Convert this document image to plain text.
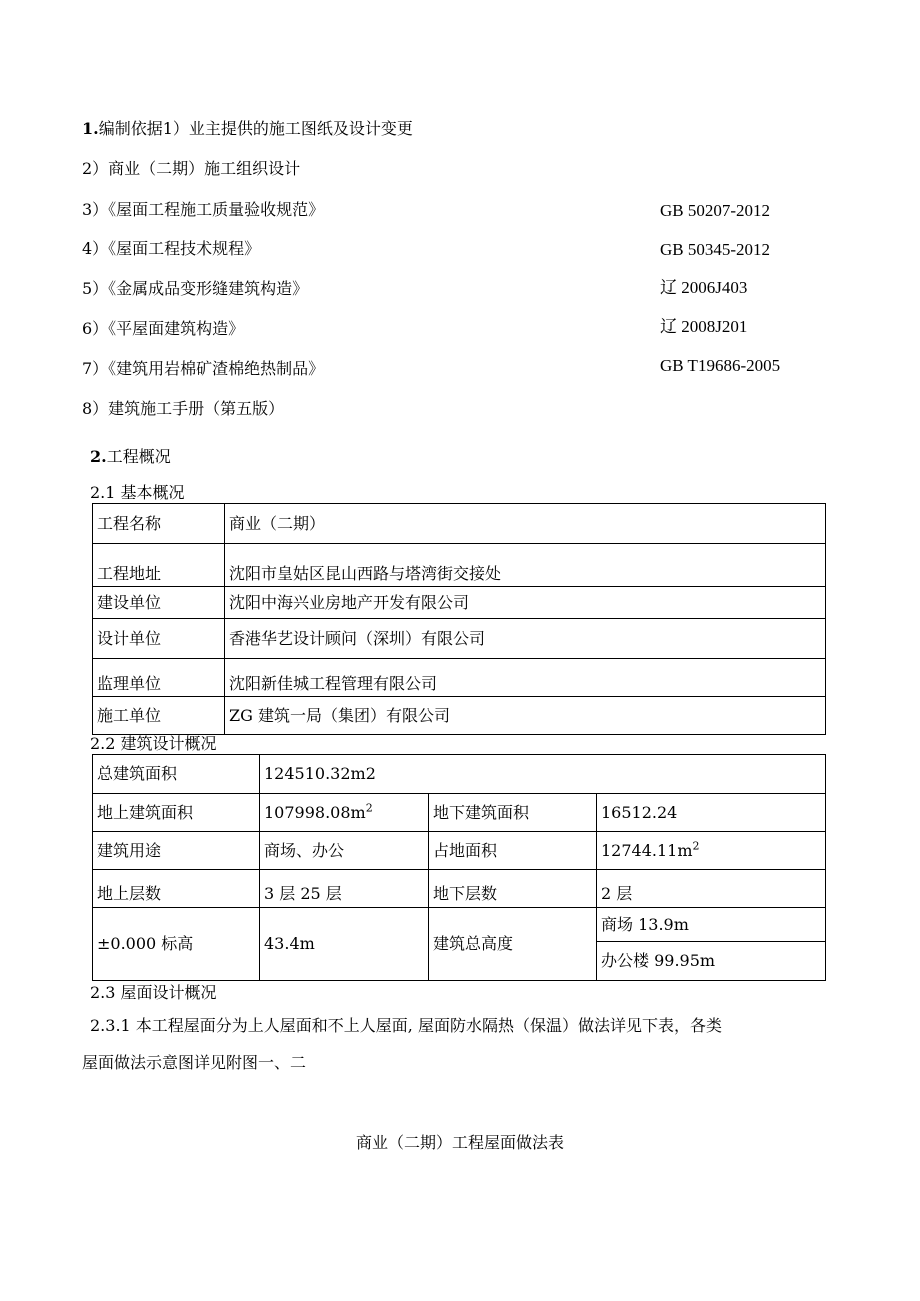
1.编制依据1）业主提供的施工图纸及设计变更
2）商业（二期）施工组织设计
3）《屋面工程施工质量验收规范》	GB 50207-2012
4）《屋面工程技术规程》	GB 50345-2012
5）《金属成品变形缝建筑构造》	辽 2006J403
6）《平屋面建筑构造》	辽 2008J201
7）《建筑用岩棉矿渣棉绝热制品》	GB T19686-2005
8）建筑施工手册（第五版）
2.工程概况
2.1 基本概况
工程名称	商业（二期）
工程地址	沈阳市皇姑区昆山西路与塔湾街交接处
建设单位	沈阳中海兴业房地产开发有限公司
设计单位	香港华艺设计顾问（深圳）有限公司
监理单位	沈阳新佳城工程管理有限公司
施工单位	ZG 建筑一局（集团）有限公司
2.2 建筑设计概况
总建筑面积	124510.32m2		
地上建筑面积	$107998.08m^2$	地下建筑面积	16512.24
建筑用途	商场、办公	占地面积	$12744.11m^2$
地上层数	3 层 25 层	地下层数	2 层
±0.000 标高	43.4m	建筑总高度	商场 13.9m
			办公楼 99.95m
2.3 屋面设计概况
2.3.1 本工程屋面分为上人屋面和不上人屋面, 屋面防水隔热（保温）做法详见下表，各类
屋面做法示意图详见附图一、二
商业（二期）工程屋面做法表
